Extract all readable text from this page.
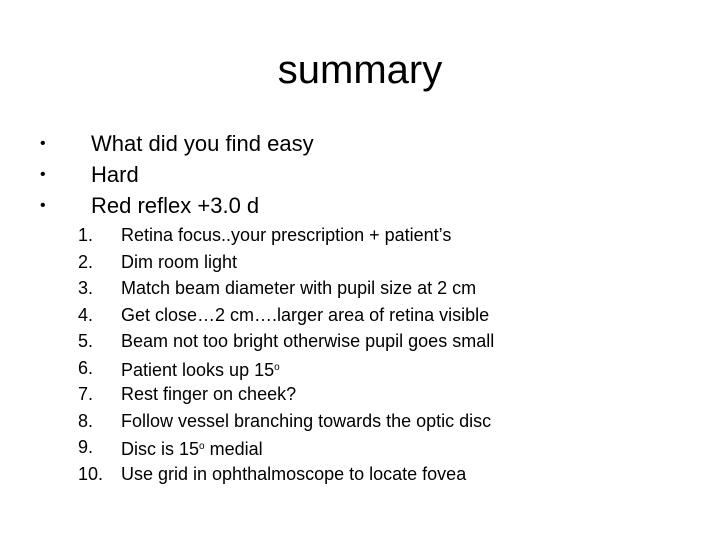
summary
• What did you find easy
• Hard
• Red reflex +3.0 d
1. Retina focus..your prescription + patient’s
2. Dim room light
3. Match beam diameter with pupil size at 2 cm
4. Get close…2 cm….larger area of retina visible
5. Beam not too bright otherwise pupil goes small
6. Patient looks up 15$^o$
7. Rest finger on cheek?
8. Follow vessel branching towards the optic disc
9. Disc is 15$^o$ medial
10. Use grid in ophthalmoscope to locate fovea
